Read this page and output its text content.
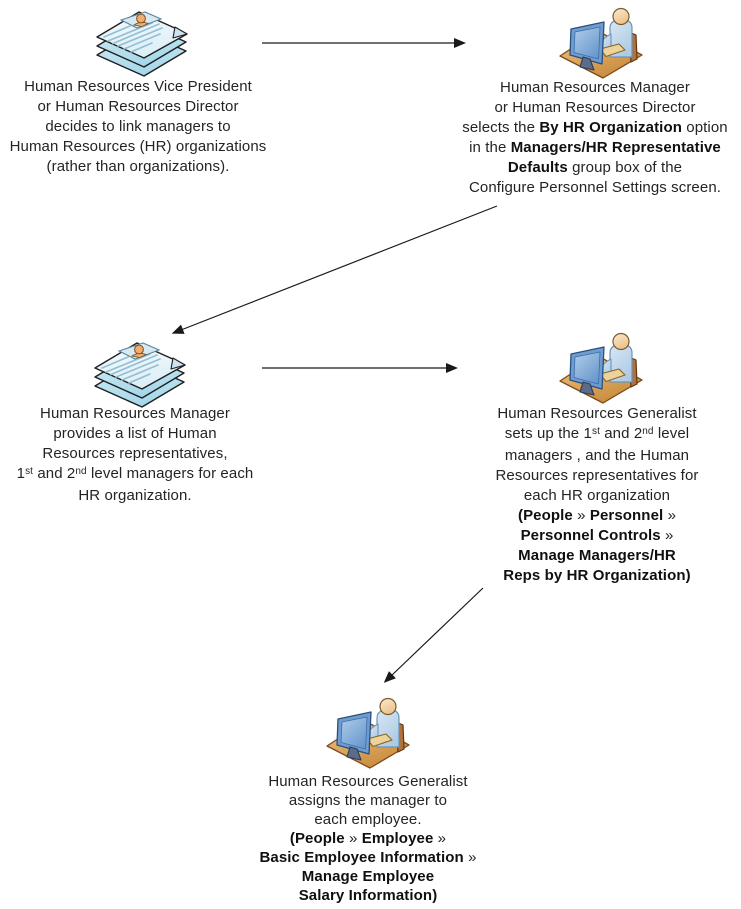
Human Resources Vice President
or Human Resources Director
decides to link managers to
Human Resources (HR) organizations
(rather than organizations).
Human Resources Manager
or Human Resources Director
selects the By HR Organization option
in the Managers/HR Representative
Defaults group box of the
Configure Personnel Settings screen.
Human Resources Manager
provides a list of Human
Resources representatives,
1st and 2nd level managers for each
HR organization.
Human Resources Generalist
sets up the 1st and 2nd level
managers , and the Human
Resources representatives for
each HR organization
(People » Personnel »
Personnel Controls »
Manage Managers/HR
Reps by HR Organization)
Human Resources Generalist
assigns the manager to
each employee.
(People » Employee »
Basic Employee Information »
Manage Employee
Salary Information)
